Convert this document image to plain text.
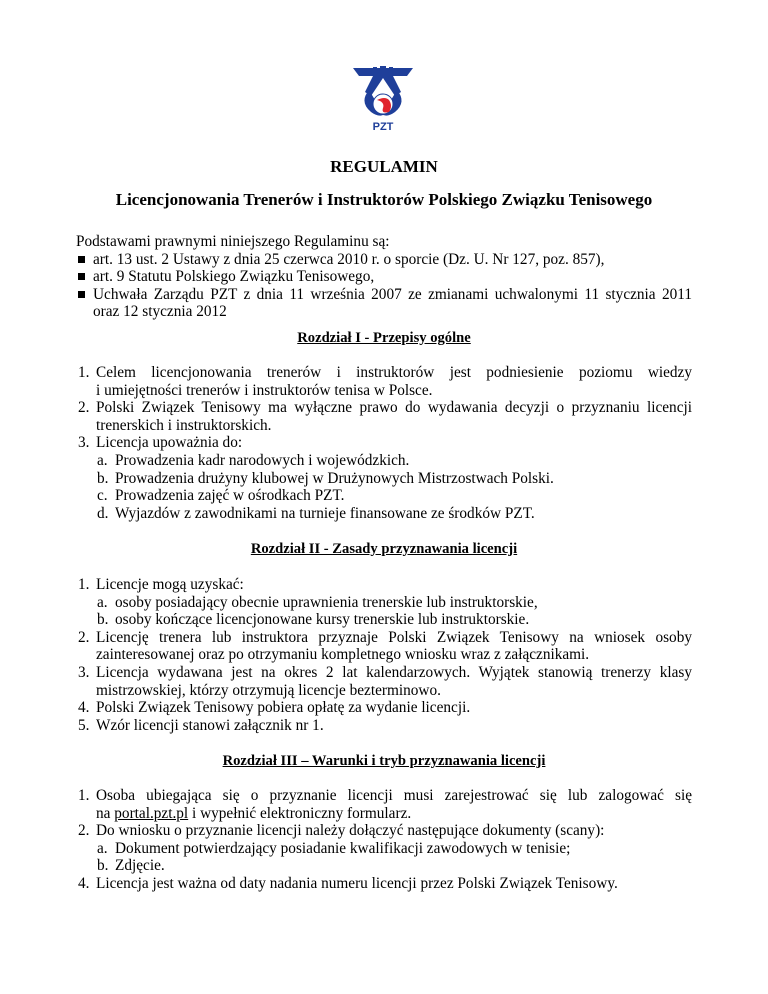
PZT
REGULAMIN
Licencjonowania Trenerów i Instruktorów Polskiego Związku Tenisowego
Podstawami prawnymi niniejszego Regulaminu są:
art. 13 ust. 2 Ustawy z dnia 25 czerwca 2010 r. o sporcie (Dz. U. Nr 127, poz. 857),
art. 9 Statutu Polskiego Związku Tenisowego,
Uchwała Zarządu PZT z dnia 11 września 2007 ze zmianami uchwalonymi 11 stycznia 2011
oraz 12 stycznia 2012
Rozdział I - Przepisy ogólne
1. Celem licencjonowania trenerów i instruktorów jest podniesienie poziomu wiedzy
i umiejętności trenerów i instruktorów tenisa w Polsce.
2. Polski Związek Tenisowy ma wyłączne prawo do wydawania decyzji o przyznaniu licencji
trenerskich i instruktorskich.
3. Licencja upoważnia do:
a. Prowadzenia kadr narodowych i wojewódzkich.
b. Prowadzenia drużyny klubowej w Drużynowych Mistrzostwach Polski.
c. Prowadzenia zajęć w ośrodkach PZT.
d. Wyjazdów z zawodnikami na turnieje finansowane ze środków PZT.
Rozdział II - Zasady przyznawania licencji
1. Licencje mogą uzyskać:
a. osoby posiadający obecnie uprawnienia trenerskie lub instruktorskie,
b. osoby kończące licencjonowane kursy trenerskie lub instruktorskie.
2. Licencję trenera lub instruktora przyznaje Polski Związek Tenisowy na wniosek osoby
zainteresowanej oraz po otrzymaniu kompletnego wniosku wraz z załącznikami.
3. Licencja wydawana jest na okres 2 lat kalendarzowych. Wyjątek stanowią trenerzy klasy
mistrzowskiej, którzy otrzymują licencje bezterminowo.
4. Polski Związek Tenisowy pobiera opłatę za wydanie licencji.
5. Wzór licencji stanowi załącznik nr 1.
Rozdział III – Warunki i tryb przyznawania licencji
1. Osoba ubiegająca się o przyznanie licencji musi zarejestrować się lub zalogować się
na portal.pzt.pl i wypełnić elektroniczny formularz.
2. Do wniosku o przyznanie licencji należy dołączyć następujące dokumenty (scany):
a. Dokument potwierdzający posiadanie kwalifikacji zawodowych w tenisie;
b. Zdjęcie.
4. Licencja jest ważna od daty nadania numeru licencji przez Polski Związek Tenisowy.
